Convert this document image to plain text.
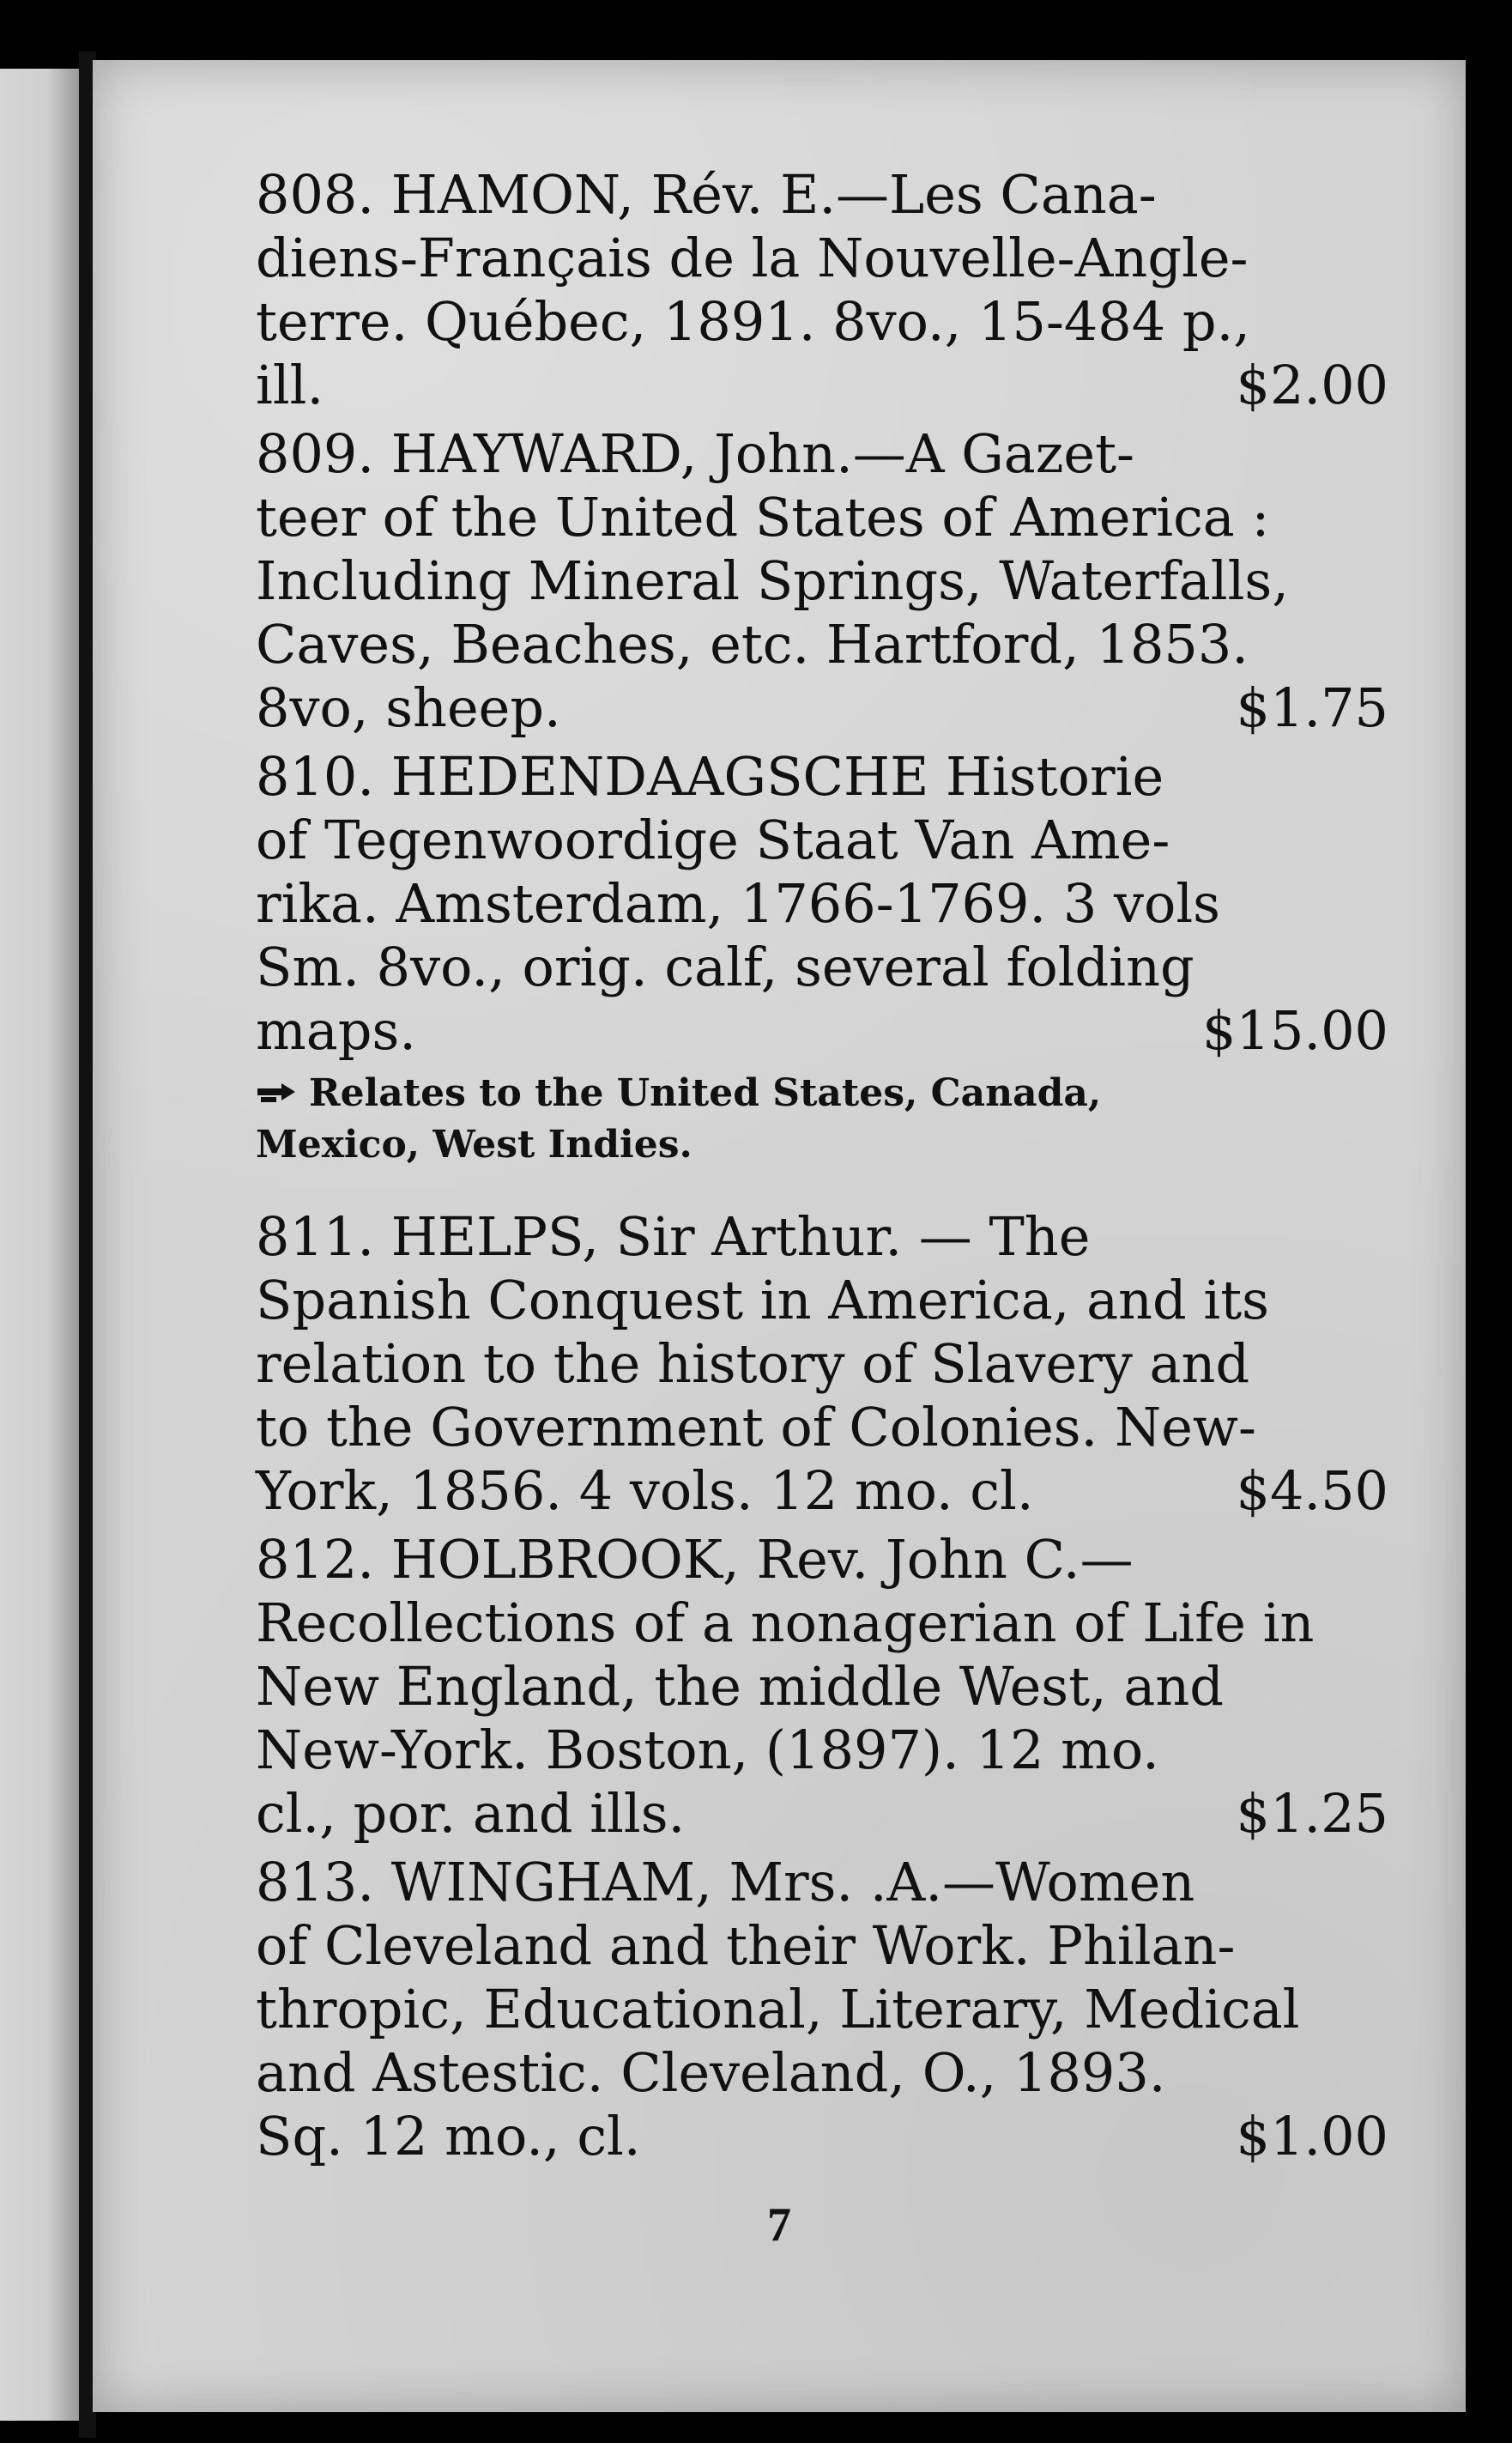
808. HAMON, Rév. E.—Les Cana-
diens-Français de la Nouvelle-Angle-
terre. Québec, 1891. 8vo., 15-484 p.,
ill.	$2.00
809. HAYWARD, John.—A Gazet-
teer of the United States of America :
Including Mineral Springs, Waterfalls,
Caves, Beaches, etc. Hartford, 1853.
8vo, sheep.	$1.75
810. HEDENDAAGSCHE Historie
of Tegenwoordige Staat Van Ame-
rika. Amsterdam, 1766-1769. 3 vols
Sm. 8vo., orig. calf, several folding
maps.	$15.00
Relates to the United States, Canada,
Mexico, West Indies.
811. HELPS, Sir Arthur. — The
Spanish Conquest in America, and its
relation to the history of Slavery and
to the Government of Colonies. New-
York, 1856. 4 vols. 12 mo. cl.	$4.50
812. HOLBROOK, Rev. John C.—
Recollections of a nonagerian of Life in
New England, the middle West, and
New-York. Boston, (1897). 12 mo.
cl., por. and ills.	$1.25
813. WINGHAM, Mrs. .A.—Women
of Cleveland and their Work. Philan-
thropic, Educational, Literary, Medical
and Astestic. Cleveland, O., 1893.
Sq. 12 mo., cl.	$1.00
7
